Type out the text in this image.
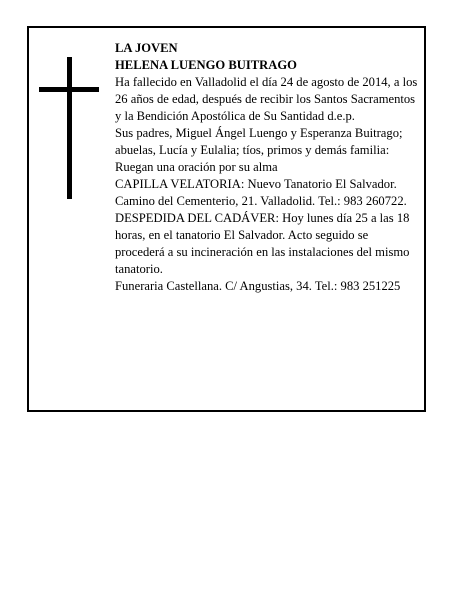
LA JOVEN

HELENA LUENGO BUITRAGO

Ha fallecido en Valladolid el día 24 de agosto de 2014, a los 26 años de edad, después de recibir los Santos Sacramentos y la Bendición Apostólica de Su Santidad d.e.p.

Sus padres, Miguel Ángel Luengo y Esperanza Buitrago; abuelas, Lucía y Eulalia; tíos, primos y demás familia:

Ruegan una oración por su alma

CAPILLA VELATORIA: Nuevo Tanatorio El Salvador. Camino del Cementerio, 21. Valladolid. Tel.: 983 260722.

DESPEDIDA DEL CADÁVER: Hoy lunes día 25 a las 18 horas, en el tanatorio El Salvador. Acto seguido se procederá a su incineración en las instalaciones del mismo tanatorio.

Funeraria Castellana. C/ Angustias, 34. Tel.: 983 251225
